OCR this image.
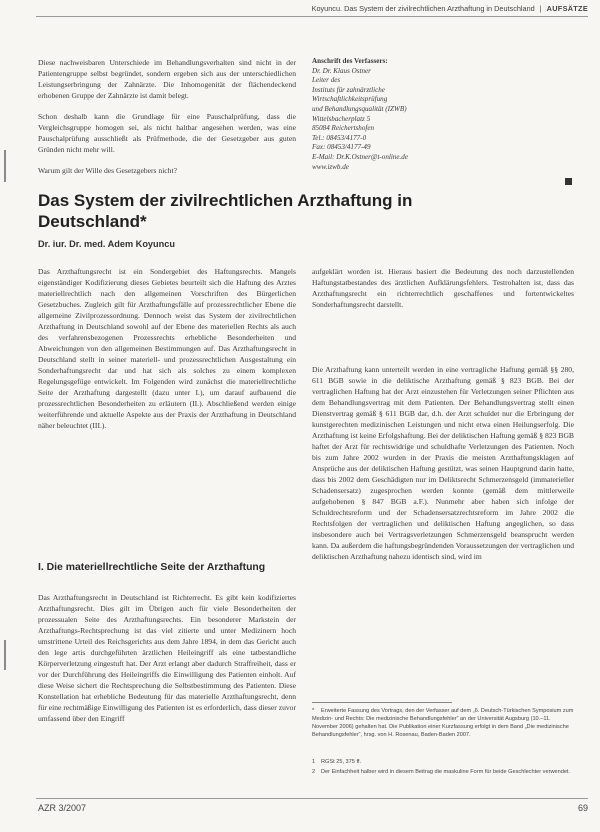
Koyuncu. Das System der zivilrechtlichen Arzthaftung in Deutschland | AUFSÄTZE
Diese nachweisbaren Unterschiede im Behandlungsverhalten sind nicht in der Patientengruppe selbst begründet, sondern ergeben sich aus der unterschiedlichen Leistungserbringung der Zahnärzte. Die Inhomogenität der flächendeckend erhobenen Gruppe der Zahnärzte ist damit belegt.
Schon deshalb kann die Grundlage für eine Pauschalprüfung, dass die Vergleichsgruppe homogen sei, als nicht haltbar angesehen werden, was eine Pauschalprüfung ausschließt als Prüfmethode, die der Gesetzgeber aus guten Gründen nicht mehr will.
Warum gilt der Wille des Gesetzgebers nicht?
Anschrift des Verfassers:
Dr. Dr. Klaus Ostner
Leiter des
Instituts für zahnärztliche
Wirtschaftlichkeitsprüfung
und Behandlungsqualität (IZWB)
Wittelsbacherplatz 5
85084 Reichertshofen
Tel.: 08453/4177-0
Fax: 08453/4177-49
E-Mail: Dr.K.Ostner@t-online.de
www.izwb.de
Das System der zivilrechtlichen Arzthaftung in Deutschland*
Dr. iur. Dr. med. Adem Koyuncu
Das Arzthaftungsrecht ist ein Sondergebiet des Haftungsrechts. Mangels eigenständiger Kodifizierung dieses Gebietes beurteilt sich die Haftung des Arztes materiellrechtlich nach den allgemeinen Vorschriften des Bürgerlichen Gesetzbuches. Zugleich gilt für Arzthaftungsfälle auf prozessrechtlicher Ebene die allgemeine Zivilprozessordnung. Dennoch weist das System der zivilrechtlichen Arzthaftung in Deutschland sowohl auf der Ebene des materiellen Rechts als auch des verfahrensbezogenen Prozessrechts erhebliche Besonderheiten und Abweichungen von den allgemeinen Bestimmungen auf. Das Arzthaftungsrecht in Deutschland stellt in seiner materiell- und prozessrechtlichen Ausgestaltung ein Sonderhaftungsrecht dar und hat sich als solches zu einem komplexen Regelungsgefüge entwickelt. Im Folgenden wird zunächst die materiellrechtliche Seite der Arzthaftung dargestellt (dazu unter I.), um darauf aufbauend die prozessrechtlichen Besonderheiten zu erläutern (II.). Abschließend werden einige weiterführende und aktuelle Aspekte aus der Praxis der Arzthaftung in Deutschland näher beleuchtet (III.).
I. Die materiellrechtliche Seite der Arzthaftung
Das Arzthaftungsrecht in Deutschland ist Richterrecht. Es gibt kein kodifiziertes Arzthaftungsrecht. Dies gilt im Übrigen auch für viele Besonderheiten der prozessualen Seite des Arzthaftungsrechts. Ein besonderer Markstein der Arzthaftungs-Rechtsprechung ist das viel zitierte und unter Medizinern hoch umstrittene Urteil des Reichsgerichts aus dem Jahre 1894, in dem das Gericht auch den lege artis durchgeführten ärztlichen Heileingriff als eine tatbestandliche Körperverletzung eingestuft hat. Der Arzt erlangt aber dadurch Straffreiheit, dass er vor der Durchführung des Heileingriffs die Einwilligung des Patienten einholt. Auf diese Weise sichert die Rechtsprechung die Selbstbestimmung des Patienten. Diese Konstellation hat erhebliche Bedeutung für das materielle Arzthaftungsrecht, denn für eine rechtmäßige Einwilligung des Patienten ist es erforderlich, dass dieser zuvor umfassend über den Eingriff
aufgeklärt worden ist. Hieraus basiert die Bedeutung des noch darzustellenden Haftungstatbestandes des ärztlichen Aufklärungsfehlers. Testrohalten ist, dass das Arzthaftungsrecht ein richterrechtlich geschaffenes und fortentwickeltes Sonderhaftungsrecht darstellt.
Die Arzthaftung kann unterteilt werden in eine vertragliche Haftung gemäß §§ 280, 611 BGB sowie in die deliktische Arzthaftung gemäß § 823 BGB. Bei der vertraglichen Haftung hat der Arzt einzustehen für Verletzungen seiner Pflichten aus dem Behandlungsvertrag mit dem Patienten. Der Behandlungsvertrag stellt einen Dienstvertrag gemäß § 611 BGB dar, d.h. der Arzt schuldet nur die Erbringung der kunstgerechten medizinischen Leistungen und nicht etwa einen Heilungserfolg. Die Arzthaftung ist keine Erfolgshaftung. Bei der deliktischen Haftung gemäß § 823 BGB haftet der Arzt für rechtswidrige und schuldhafte Verletzungen des Patienten. Noch bis zum Jahre 2002 wurden in der Praxis die meisten Arzthaftungsklagen auf Ansprüche aus der deliktischen Haftung gestützt, was seinen Hauptgrund darin hatte, dass bis 2002 dem Geschädigten nur im Deliktsrecht Schmerzensgeld (immaterieller Schadensersatz) zugesprochen werden konnte (gemäß dem mittlerweile aufgehobenen § 847 BGB a.F.). Nunmehr aber haben sich infolge der Schuldrechtsreform und der Schadensersatzrechtsreform im Jahre 2002 die Rechtsfolgen der vertraglichen und deliktischen Haftung angeglichen, so dass insbesondere auch bei Vertragsverletzungen Schmerzensgeld beansprucht werden kann. Da außerdem die haftungsbegründenden Voraussetzungen der vertraglichen und deliktischen Arzthaftung nahezu identisch sind, wird im
* Erweiterte Fassung des Vortrags, den der Verfasser auf dem „6. Deutsch-Türkischen Symposium zum Medizin- und Rechts: Die medizinische Behandlungsfehler“ an der Universität Augsburg (10.–11. November 2006) gehalten hat. Die Publikation einer Kurzfassung erfolgt in dem Band „Die medizinische Behandlungsfehler“, hrsg. von H. Rosenau, Baden-Baden 2007.
1 RGSt 25, 375 ff.
2 Der Einfachheit halber wird in diesem Beitrag die maskuline Form für beide Geschlechter verwendet.
AZR 3/2007	69
